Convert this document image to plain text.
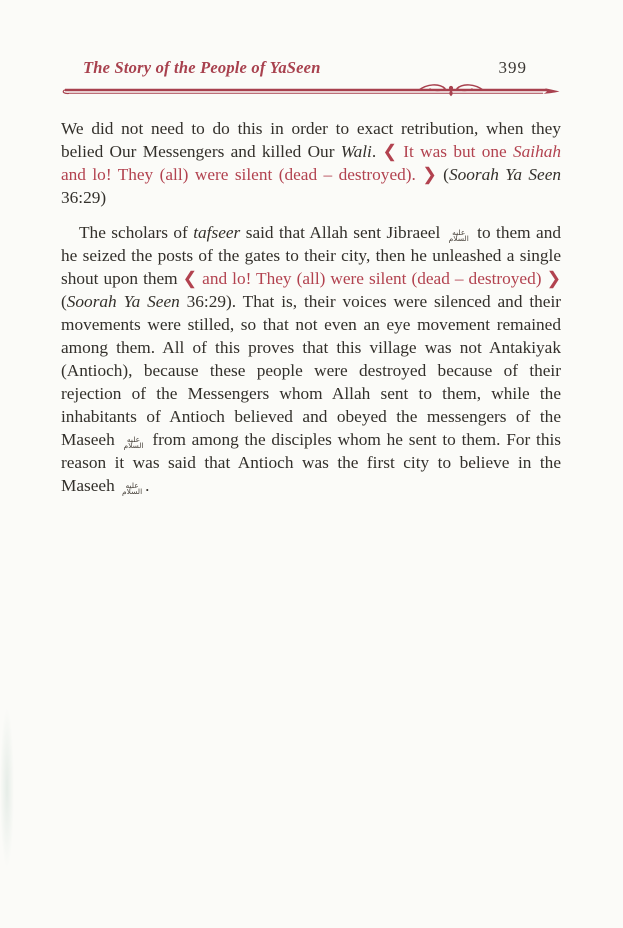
The Story of the People of YaSeen	399

We did not need to do this in order to exact retribution, when they belied Our Messengers and killed Our Wali. ❮ It was but one Saihah and lo! They (all) were silent (dead – destroyed). ❯ (Soorah Ya Seen 36:29)

The scholars of tafseer said that Allah sent Jibraeel عليه السلام to them and he seized the posts of the gates to their city, then he unleashed a single shout upon them ❮ and lo! They (all) were silent (dead – destroyed) ❯ (Soorah Ya Seen 36:29). That is, their voices were silenced and their movements were stilled, so that not even an eye movement remained among them. All of this proves that this village was not Antakiyak (Antioch), because these people were destroyed because of their rejection of the Messengers whom Allah sent to them, while the inhabitants of Antioch believed and obeyed the messengers of the Maseeh عليه السلام from among the disciples whom he sent to them. For this reason it was said that Antioch was the first city to believe in the Maseeh عليه السلام .
